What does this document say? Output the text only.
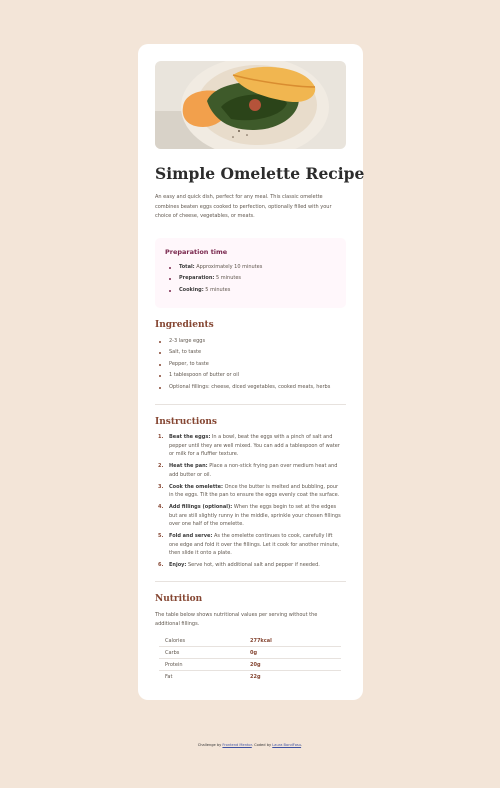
Simple Omelette Recipe

An easy and quick dish, perfect for any meal. This classic omelette combines beaten eggs cooked to perfection, optionally filled with your choice of cheese, vegetables, or meats.

Preparation time
Total: Approximately 10 minutes
Preparation: 5 minutes
Cooking: 5 minutes
Ingredients
2-3 large eggs
Salt, to taste
Pepper, to taste
1 tablespoon of butter or oil
Optional fillings: cheese, diced vegetables, cooked meats, herbs
Instructions
1.	Beat the eggs: In a bowl, beat the eggs with a pinch of salt and pepper until they are well mixed. You can add a tablespoon of water or milk for a fluffier texture.
2.	Heat the pan: Place a non-stick frying pan over medium heat and add butter or oil.
3.	Cook the omelette: Once the butter is melted and bubbling, pour in the eggs. Tilt the pan to ensure the eggs evenly coat the surface.
4.	Add fillings (optional): When the eggs begin to set at the edges but are still slightly runny in the middle, sprinkle your chosen fillings over one half of the omelette.
5.	Fold and serve: As the omelette continues to cook, carefully lift one edge and fold it over the fillings. Let it cook for another minute, then slide it onto a plate.
6.	Enjoy: Serve hot, with additional salt and pepper if needed.
Nutrition

The table below shows nutritional values per serving without the additional fillings.

Calories	277kcal
Carbs	0g
Protein	20g
Fat	22g
Challenge by Frontend Mentor. Coded by Laura BondFosu.
